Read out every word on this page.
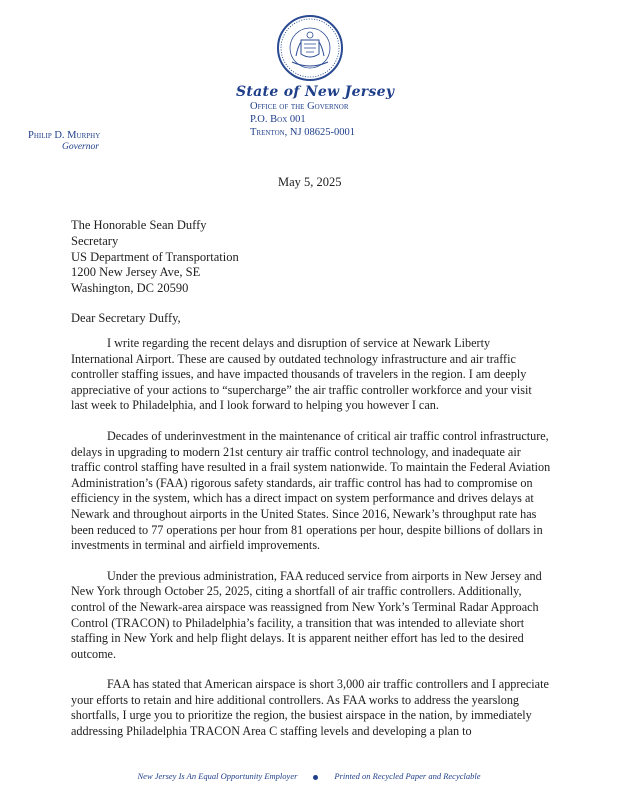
State of New Jersey
Office of the Governor
P.O. Box 001
Trenton, NJ 08625-0001
Philip D. Murphy
Governor
May 5, 2025
The Honorable Sean Duffy
Secretary
US Department of Transportation
1200 New Jersey Ave, SE
Washington, DC 20590
Dear Secretary Duffy,

I write regarding the recent delays and disruption of service at Newark Liberty International Airport. These are caused by outdated technology infrastructure and air traffic controller staffing issues, and have impacted thousands of travelers in the region. I am deeply appreciative of your actions to “supercharge” the air traffic controller workforce and your visit last week to Philadelphia, and I look forward to helping you however I can.

Decades of underinvestment in the maintenance of critical air traffic control infrastructure, delays in upgrading to modern 21st century air traffic control technology, and inadequate air traffic control staffing have resulted in a frail system nationwide. To maintain the Federal Aviation Administration’s (FAA) rigorous safety standards, air traffic control has had to compromise on efficiency in the system, which has a direct impact on system performance and drives delays at Newark and throughout airports in the United States. Since 2016, Newark’s throughput rate has been reduced to 77 operations per hour from 81 operations per hour, despite billions of dollars in investments in terminal and airfield improvements.

Under the previous administration, FAA reduced service from airports in New Jersey and New York through October 25, 2025, citing a shortfall of air traffic controllers. Additionally, control of the Newark-area airspace was reassigned from New York’s Terminal Radar Approach Control (TRACON) to Philadelphia’s facility, a transition that was intended to alleviate short staffing in New York and help flight delays. It is apparent neither effort has led to the desired outcome.

FAA has stated that American airspace is short 3,000 air traffic controllers and I appreciate your efforts to retain and hire additional controllers. As FAA works to address the yearslong shortfalls, I urge you to prioritize the region, the busiest airspace in the nation, by immediately addressing Philadelphia TRACON Area C staffing levels and developing a plan to

New Jersey Is An Equal Opportunity Employer	Printed on Recycled Paper and Recyclable
